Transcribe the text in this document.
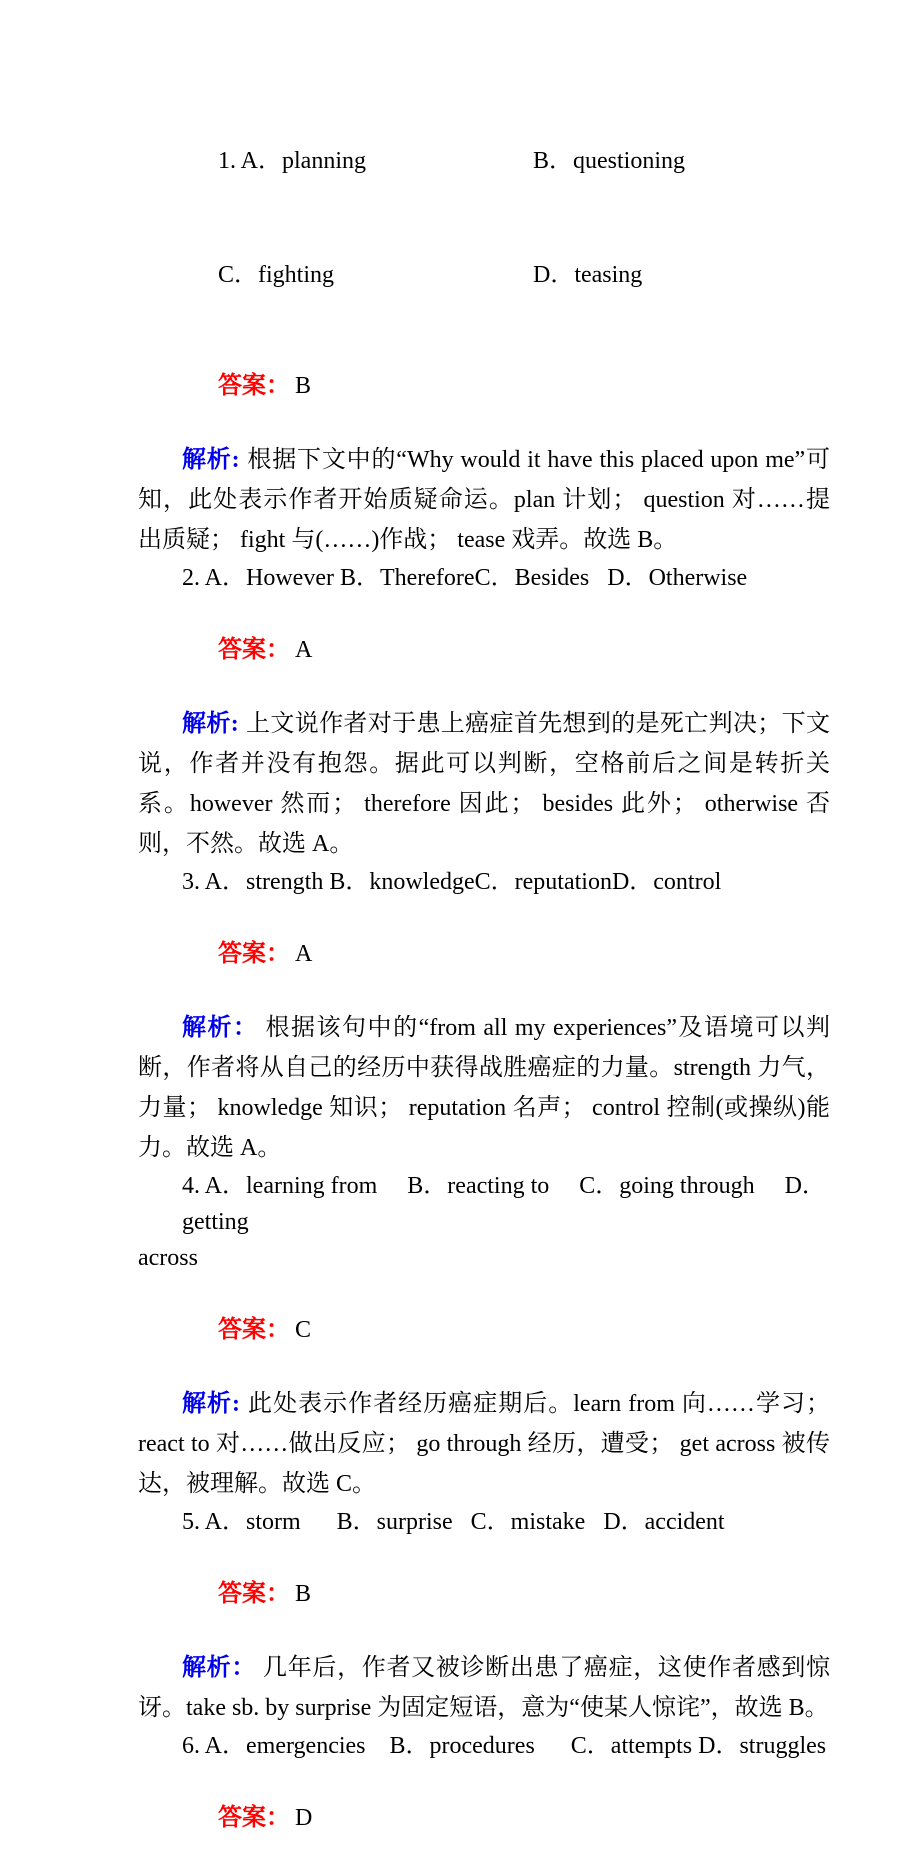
1. A．planning	B．questioning

C．fighting	D．teasing

答案： B

解析: 根据下文中的“Why would it have this placed upon me”可知，此处表示作者开始质疑命运。plan 计划； question 对……提出质疑； fight 与(……)作战； tease 戏弄。故选 B。

2. A．However B．ThereforeC．Besides   D．Otherwise

答案： A

解析: 上文说作者对于患上癌症首先想到的是死亡判决；下文说，作者并没有抱怨。据此可以判断，空格前后之间是转折关系。however 然而； therefore 因此； besides 此外； otherwise 否则，不然。故选 A。

3. A．strength B．knowledgeC．reputationD．control

答案： A

解析： 根据该句中的“from all my experiences”及语境可以判断，作者将从自己的经历中获得战胜癌症的力量。strength 力气，力量； knowledge 知识； reputation 名声； control 控制(或操纵)能力。故选 A。

4. A．learning from     B．reacting to     C．going through     D．getting
across

答案： C

解析: 此处表示作者经历癌症期后。learn from 向……学习； react to 对……做出反应； go through 经历，遭受； get across 被传达，被理解。故选 C。

5. A．storm      B．surprise   C．mistake   D．accident

答案： B

解析： 几年后，作者又被诊断出患了癌症，这使作者感到惊讶。take sb. by surprise 为固定短语，意为“使某人惊诧”，故选 B。

6. A．emergencies    B．procedures      C．attempts D．struggles

答案： D
